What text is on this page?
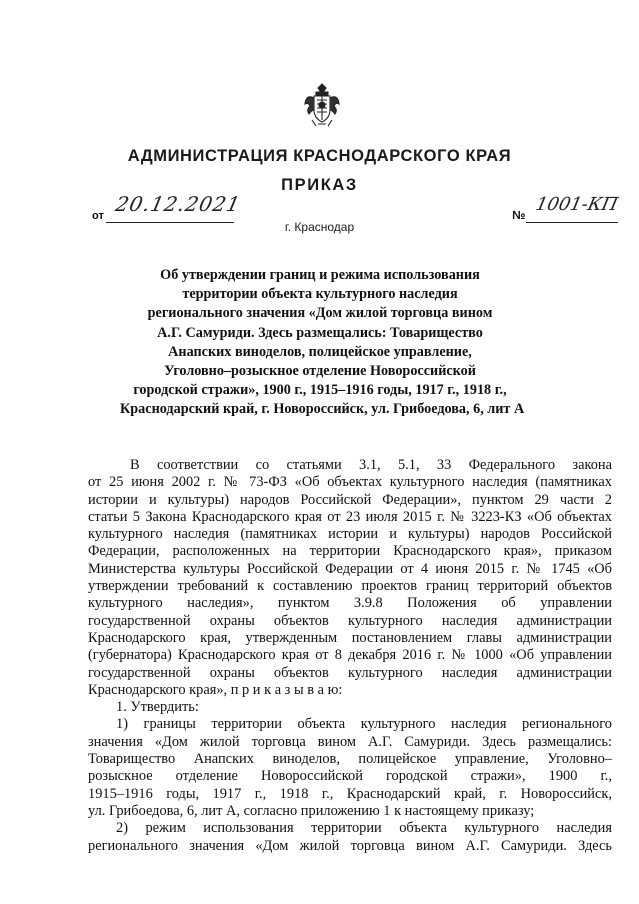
АДМИНИСТРАЦИЯ КРАСНОДАРСКОГО КРАЯ
ПРИКАЗ
от 20.12.2021	№ 1001-КП
г. Краснодар
Об утверждении границ и режима использования
территории объекта культурного наследия
регионального значения «Дом жилой торговца вином
А.Г. Самуриди. Здесь размещались: Товарищество
Анапских виноделов, полицейское управление,
Уголовно–розыскное отделение Новороссийской
городской стражи», 1900 г., 1915–1916 годы, 1917 г., 1918 г.,
Краснодарский край, г. Новороссийск, ул. Грибоедова, 6, лит А
В соответствии со статьями 3.1, 5.1, 33 Федерального закона
от 25 июня 2002 г. № 73-ФЗ «Об объектах культурного наследия (памятниках
истории и культуры) народов Российской Федерации», пунктом 29 части 2
статьи 5 Закона Краснодарского края от 23 июля 2015 г. № 3223-КЗ «Об объектах
культурного наследия (памятниках истории и культуры) народов Российской
Федерации, расположенных на территории Краснодарского края», приказом
Министерства культуры Российской Федерации от 4 июня 2015 г. № 1745 «Об
утверждении требований к составлению проектов границ территорий объектов
культурного наследия», пунктом 3.9.8 Положения об управлении
государственной охраны объектов культурного наследия администрации
Краснодарского края, утвержденным постановлением главы администрации
(губернатора) Краснодарского края от 8 декабря 2016 г. № 1000 «Об управлении
государственной охраны объектов культурного наследия администрации
Краснодарского края», п р и к а з ы в а ю:
1. Утвердить:
1) границы территории объекта культурного наследия регионального
значения «Дом жилой торговца вином А.Г. Самуриди. Здесь размещались:
Товарищество Анапских виноделов, полицейское управление, Уголовно–
розыскное отделение Новороссийской городской стражи», 1900 г.,
1915–1916 годы, 1917 г., 1918 г., Краснодарский край, г. Новороссийск,
ул. Грибоедова, 6, лит А, согласно приложению 1 к настоящему приказу;
2) режим использования территории объекта культурного наследия
регионального значения «Дом жилой торговца вином А.Г. Самуриди. Здесь
